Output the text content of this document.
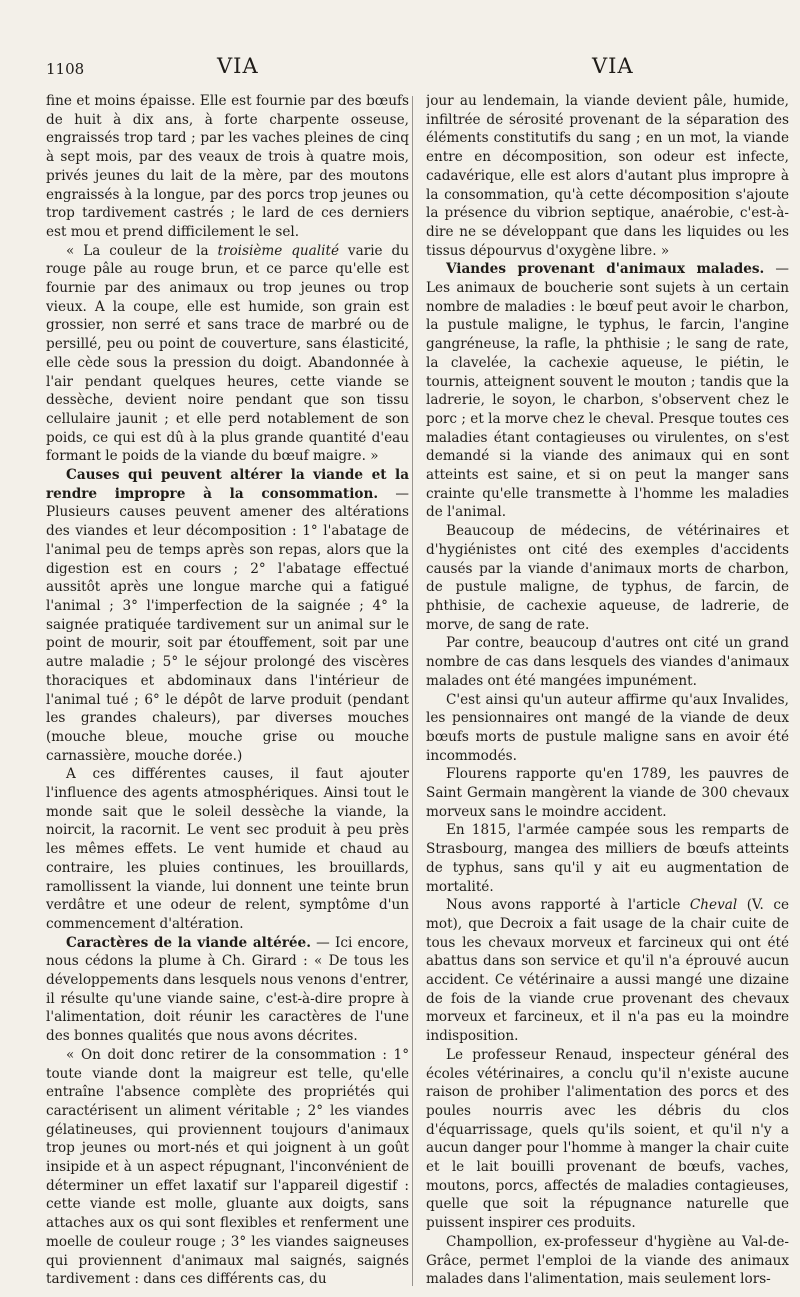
1108	VIA	VIA

fine et moins épaisse. Elle est fournie par des bœufs de huit à dix ans, à forte charpente osseuse, engraissés trop tard ; par les vaches pleines de cinq à sept mois, par des veaux de trois à quatre mois, privés jeunes du lait de la mère, par des moutons engraissés à la longue, par des porcs trop jeunes ou trop tardivement castrés ; le lard de ces derniers est mou et prend difficilement le sel.

« La couleur de la troisième qualité varie du rouge pâle au rouge brun, et ce parce qu'elle est fournie par des animaux ou trop jeunes ou trop vieux. A la coupe, elle est humide, son grain est grossier, non serré et sans trace de marbré ou de persillé, peu ou point de couverture, sans élasticité, elle cède sous la pression du doigt. Abandonnée à l'air pendant quelques heures, cette viande se dessèche, devient noire pendant que son tissu cellulaire jaunit ; et elle perd notablement de son poids, ce qui est dû à la plus grande quantité d'eau formant le poids de la viande du bœuf maigre. »

Causes qui peuvent altérer la viande et la rendre impropre à la consommation. — Plusieurs causes peuvent amener des altérations des viandes et leur décomposition : 1° l'abatage de l'animal peu de temps après son repas, alors que la digestion est en cours ; 2° l'abatage effectué aussitôt après une longue marche qui a fatigué l'animal ; 3° l'imperfection de la saignée ; 4° la saignée pratiquée tardivement sur un animal sur le point de mourir, soit par étouffement, soit par une autre maladie ; 5° le séjour prolongé des viscères thoraciques et abdominaux dans l'intérieur de l'animal tué ; 6° le dépôt de larve produit (pendant les grandes chaleurs), par diverses mouches (mouche bleue, mouche grise ou mouche carnassière, mouche dorée.)

A ces différentes causes, il faut ajouter l'influence des agents atmosphériques. Ainsi tout le monde sait que le soleil dessèche la viande, la noircit, la racornit. Le vent sec produit à peu près les mêmes effets. Le vent humide et chaud au contraire, les pluies continues, les brouillards, ramollissent la viande, lui donnent une teinte brun verdâtre et une odeur de relent, symptôme d'un commencement d'altération.

Caractères de la viande altérée. — Ici encore, nous cédons la plume à Ch. Girard : « De tous les développements dans lesquels nous venons d'entrer, il résulte qu'une viande saine, c'est-à-dire propre à l'alimentation, doit réunir les caractères de l'une des bonnes qualités que nous avons décrites.

« On doit donc retirer de la consommation : 1° toute viande dont la maigreur est telle, qu'elle entraîne l'absence complète des propriétés qui caractérisent un aliment véritable ; 2° les viandes gélatineuses, qui proviennent toujours d'animaux trop jeunes ou mort-nés et qui joignent à un goût insipide et à un aspect répugnant, l'inconvénient de déterminer un effet laxatif sur l'appareil digestif : cette viande est molle, gluante aux doigts, sans attaches aux os qui sont flexibles et renferment une moelle de couleur rouge ; 3° les viandes saigneuses qui proviennent d'animaux mal saignés, saignés tardivement : dans ces différents cas, du

jour au lendemain, la viande devient pâle, humide, infiltrée de sérosité provenant de la séparation des éléments constitutifs du sang ; en un mot, la viande entre en décomposition, son odeur est infecte, cadavérique, elle est alors d'autant plus impropre à la consommation, qu'à cette décomposition s'ajoute la présence du vibrion septique, anaérobie, c'est-à-dire ne se développant que dans les liquides ou les tissus dépourvus d'oxygène libre. »

Viandes provenant d'animaux malades. — Les animaux de boucherie sont sujets à un certain nombre de maladies : le bœuf peut avoir le charbon, la pustule maligne, le typhus, le farcin, l'angine gangréneuse, la rafle, la phthisie ; le sang de rate, la clavelée, la cachexie aqueuse, le piétin, le tournis, atteignent souvent le mouton ; tandis que la ladrerie, le soyon, le charbon, s'observent chez le porc ; et la morve chez le cheval. Presque toutes ces maladies étant contagieuses ou virulentes, on s'est demandé si la viande des animaux qui en sont atteints est saine, et si on peut la manger sans crainte qu'elle transmette à l'homme les maladies de l'animal.

Beaucoup de médecins, de vétérinaires et d'hygiénistes ont cité des exemples d'accidents causés par la viande d'animaux morts de charbon, de pustule maligne, de typhus, de farcin, de phthisie, de cachexie aqueuse, de ladrerie, de morve, de sang de rate.

Par contre, beaucoup d'autres ont cité un grand nombre de cas dans lesquels des viandes d'animaux malades ont été mangées impunément.

C'est ainsi qu'un auteur affirme qu'aux Invalides, les pensionnaires ont mangé de la viande de deux bœufs morts de pustule maligne sans en avoir été incommodés.

Flourens rapporte qu'en 1789, les pauvres de Saint Germain mangèrent la viande de 300 chevaux morveux sans le moindre accident.

En 1815, l'armée campée sous les remparts de Strasbourg, mangea des milliers de bœufs atteints de typhus, sans qu'il y ait eu augmentation de mortalité.

Nous avons rapporté à l'article Cheval (V. ce mot), que Decroix a fait usage de la chair cuite de tous les chevaux morveux et farcineux qui ont été abattus dans son service et qu'il n'a éprouvé aucun accident. Ce vétérinaire a aussi mangé une dizaine de fois de la viande crue provenant des chevaux morveux et farcineux, et il n'a pas eu la moindre indisposition.

Le professeur Renaud, inspecteur général des écoles vétérinaires, a conclu qu'il n'existe aucune raison de prohiber l'alimentation des porcs et des poules nourris avec les débris du clos d'équarrissage, quels qu'ils soient, et qu'il n'y a aucun danger pour l'homme à manger la chair cuite et le lait bouilli provenant de bœufs, vaches, moutons, porcs, affectés de maladies contagieuses, quelle que soit la répugnance naturelle que puissent inspirer ces produits.

Champollion, ex-professeur d'hygiène au Val-de-Grâce, permet l'emploi de la viande des animaux malades dans l'alimentation, mais seulement lors-
